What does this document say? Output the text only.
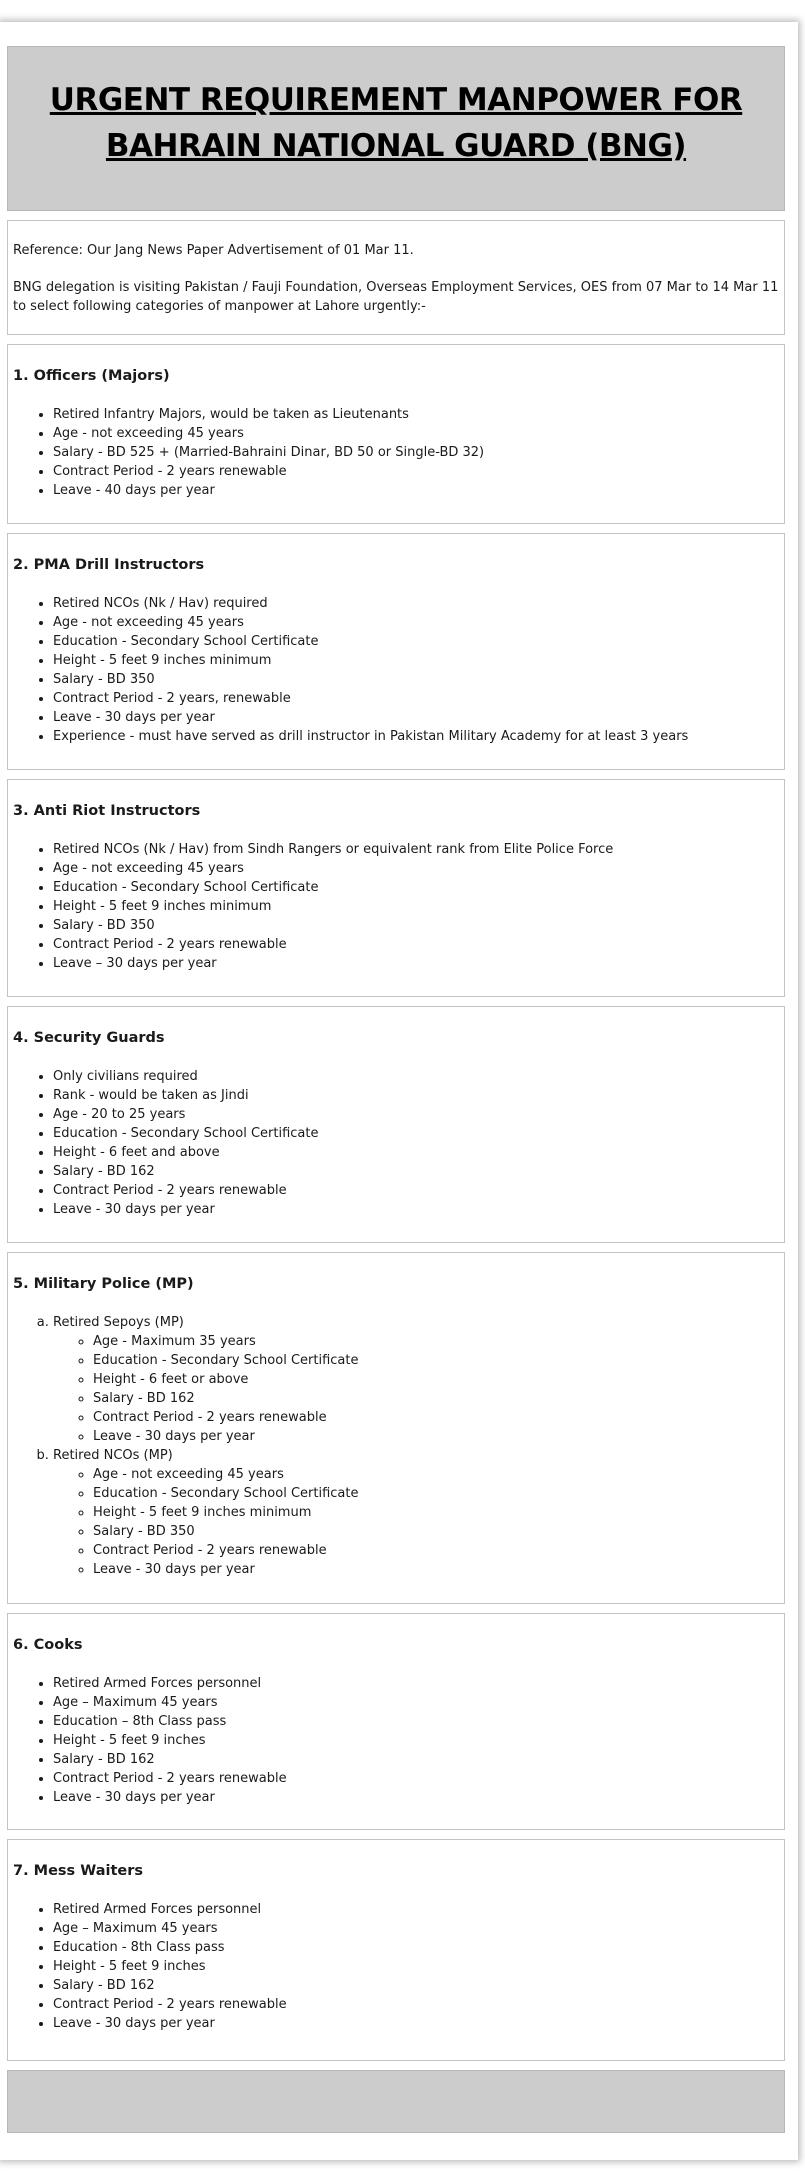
URGENT REQUIREMENT MANPOWER FOR
BAHRAIN NATIONAL GUARD (BNG)

Reference: Our Jang News Paper Advertisement of 01 Mar 11.

BNG delegation is visiting Pakistan / Fauji Foundation, Overseas Employment Services, OES from 07 Mar to 14 Mar 11 to select following categories of manpower at Lahore urgently:-

1. Officers (Majors)
• Retired Infantry Majors, would be taken as Lieutenants
• Age - not exceeding 45 years
• Salary - BD 525 + (Married-Bahraini Dinar, BD 50 or Single-BD 32)
• Contract Period - 2 years renewable
• Leave - 40 days per year
2. PMA Drill Instructors
• Retired NCOs (Nk / Hav) required
• Age - not exceeding 45 years
• Education - Secondary School Certificate
• Height - 5 feet 9 inches minimum
• Salary - BD 350
• Contract Period - 2 years, renewable
• Leave - 30 days per year
• Experience - must have served as drill instructor in Pakistan Military Academy for at least 3 years
3. Anti Riot Instructors
• Retired NCOs (Nk / Hav) from Sindh Rangers or equivalent rank from Elite Police Force
• Age - not exceeding 45 years
• Education - Secondary School Certificate
• Height - 5 feet 9 inches minimum
• Salary - BD 350
• Contract Period - 2 years renewable
• Leave – 30 days per year
4. Security Guards
• Only civilians required
• Rank - would be taken as Jindi
• Age - 20 to 25 years
• Education - Secondary School Certificate
• Height - 6 feet and above
• Salary - BD 162
• Contract Period - 2 years renewable
• Leave - 30 days per year
5. Military Police (MP)
a. Retired Sepoys (MP)
◦ Age - Maximum 35 years
◦ Education - Secondary School Certificate
◦ Height - 6 feet or above
◦ Salary - BD 162
◦ Contract Period - 2 years renewable
◦ Leave - 30 days per year
b. Retired NCOs (MP)
◦ Age - not exceeding 45 years
◦ Education - Secondary School Certificate
◦ Height - 5 feet 9 inches minimum
◦ Salary - BD 350
◦ Contract Period - 2 years renewable
◦ Leave - 30 days per year
6. Cooks
• Retired Armed Forces personnel
• Age – Maximum 45 years
• Education – 8th Class pass
• Height - 5 feet 9 inches
• Salary - BD 162
• Contract Period - 2 years renewable
• Leave - 30 days per year
7. Mess Waiters
• Retired Armed Forces personnel
• Age – Maximum 45 years
• Education - 8th Class pass
• Height - 5 feet 9 inches
• Salary - BD 162
• Contract Period - 2 years renewable
• Leave - 30 days per year
